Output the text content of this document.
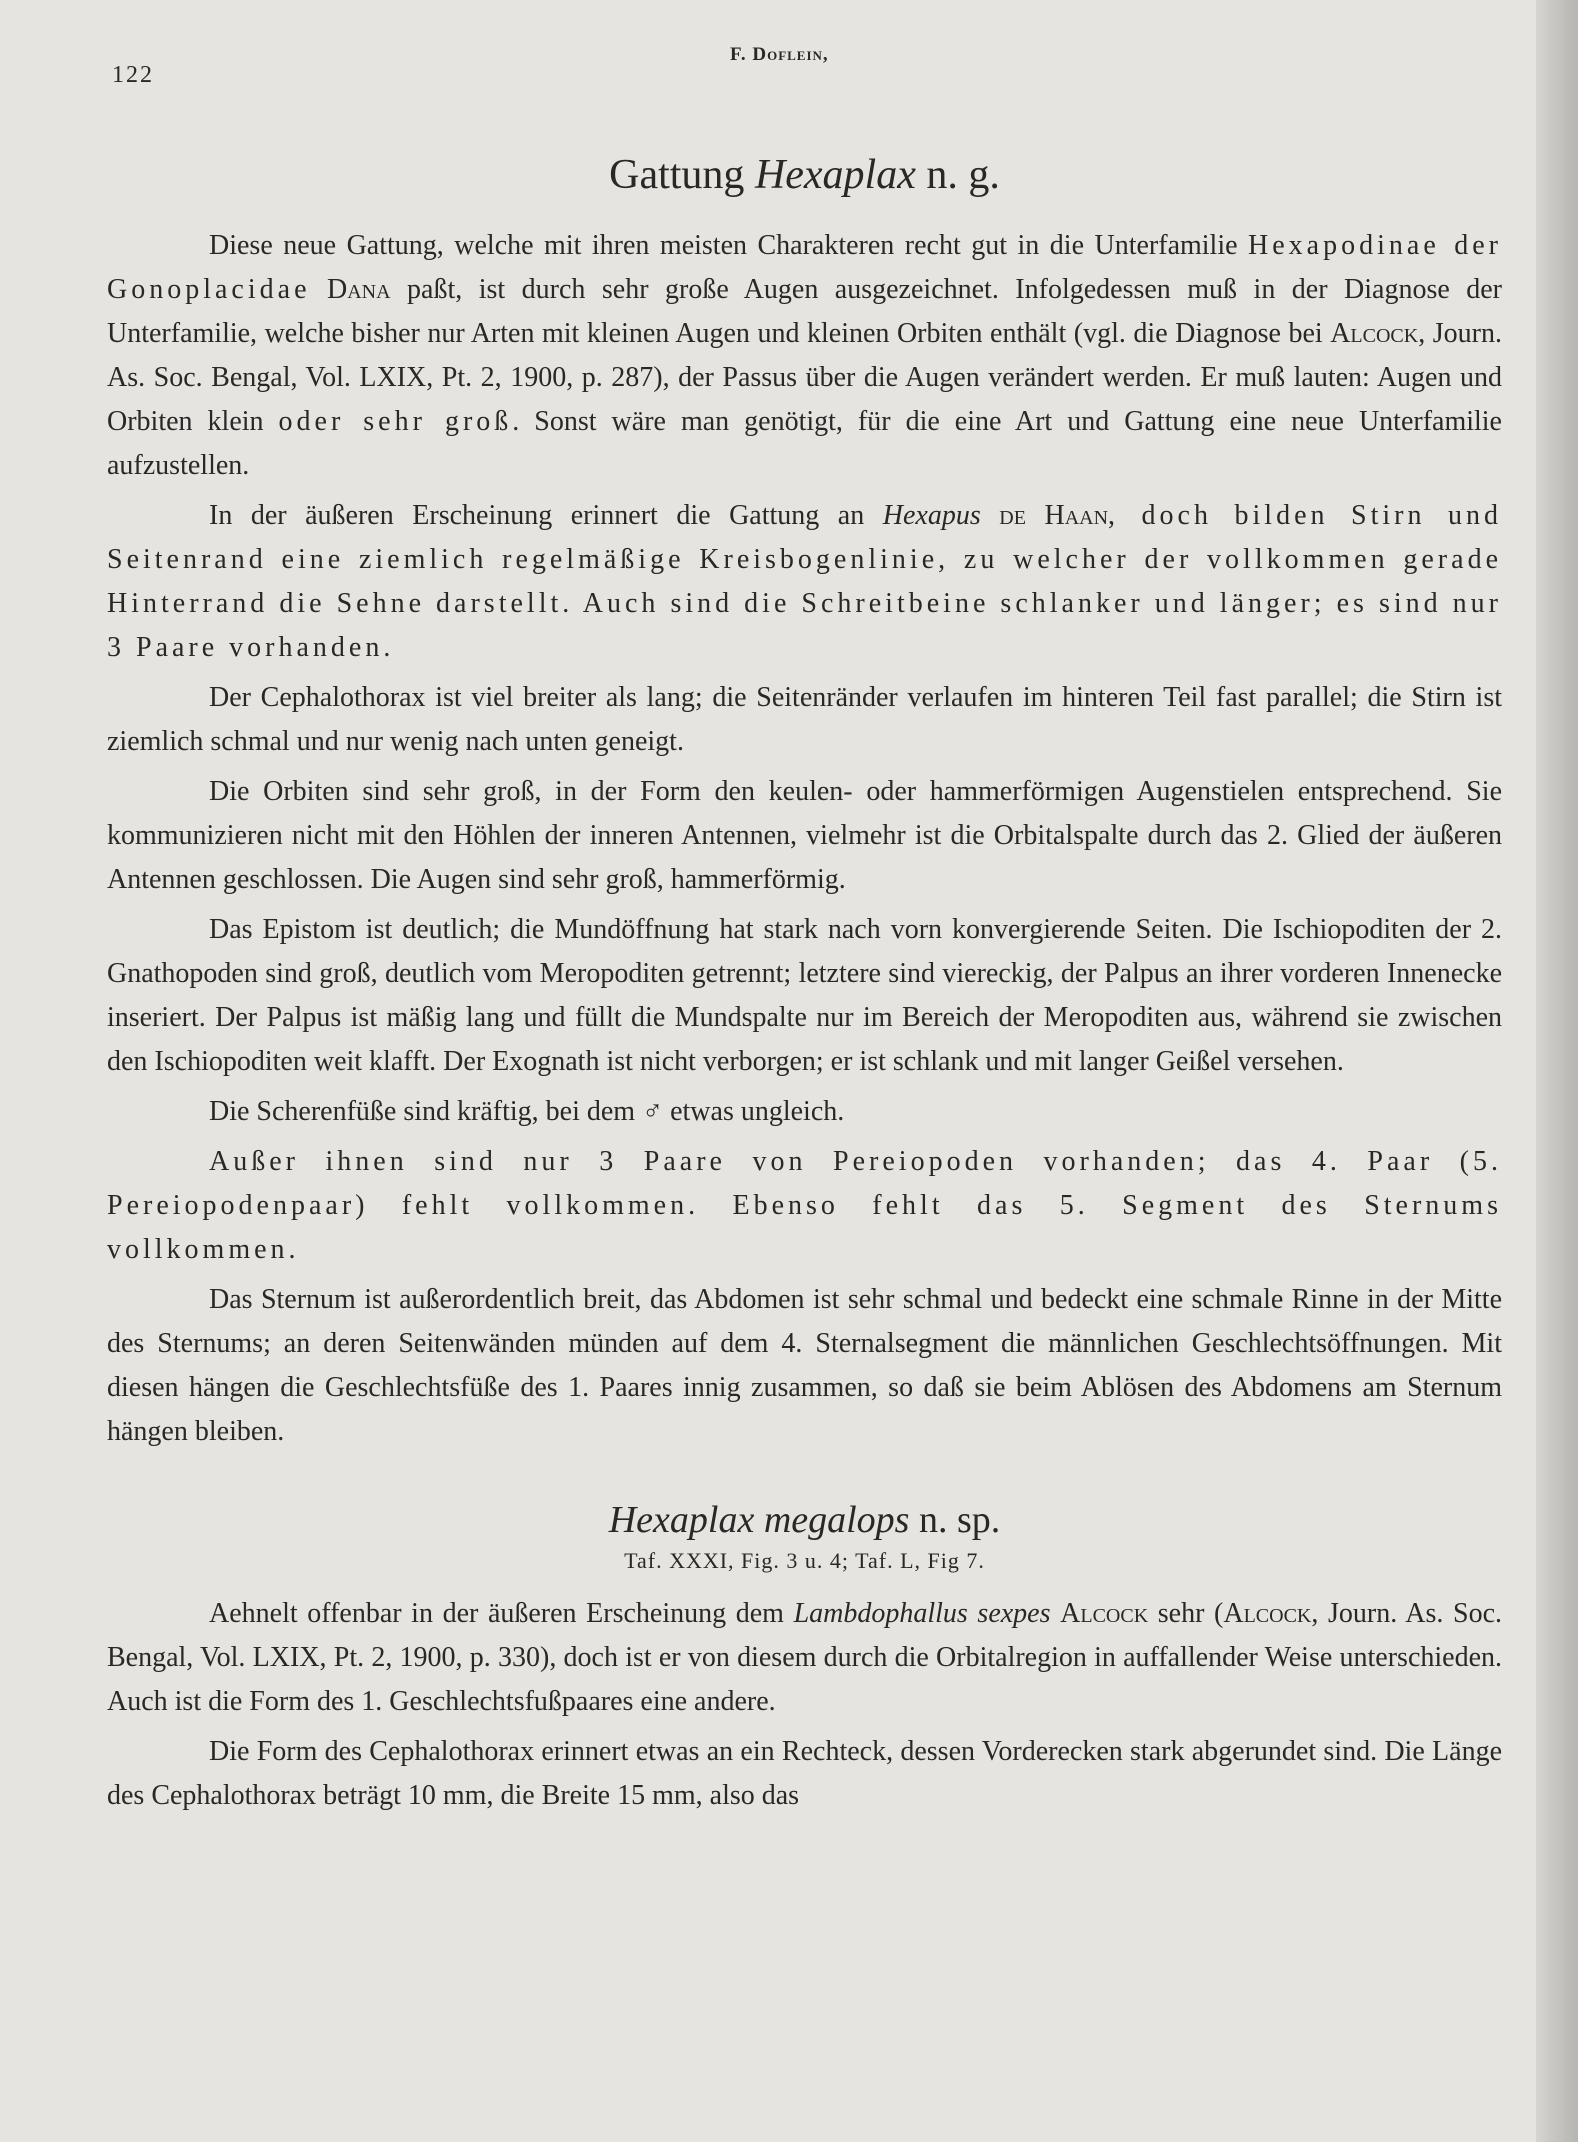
122
F. Doflein,
Gattung Hexaplax n. g.

Diese neue Gattung, welche mit ihren meisten Charakteren recht gut in die Unterfamilie Hexapodinae der Gonoplacidae Dana paßt, ist durch sehr große Augen ausgezeichnet. Infolgedessen muß in der Diagnose der Unterfamilie, welche bisher nur Arten mit kleinen Augen und kleinen Orbiten enthält (vgl. die Diagnose bei Alcock, Journ. As. Soc. Bengal, Vol. LXIX, Pt. 2, 1900, p. 287), der Passus über die Augen verändert werden. Er muß lauten: Augen und Orbiten klein oder sehr groß. Sonst wäre man genötigt, für die eine Art und Gattung eine neue Unterfamilie aufzustellen.

In der äußeren Erscheinung erinnert die Gattung an Hexapus de Haan, doch bilden Stirn und Seitenrand eine ziemlich regelmäßige Kreisbogenlinie, zu welcher der vollkommen gerade Hinterrand die Sehne darstellt. Auch sind die Schreitbeine schlanker und länger; es sind nur 3 Paare vorhanden.

Der Cephalothorax ist viel breiter als lang; die Seitenränder verlaufen im hinteren Teil fast parallel; die Stirn ist ziemlich schmal und nur wenig nach unten geneigt.

Die Orbiten sind sehr groß, in der Form den keulen- oder hammerförmigen Augenstielen entsprechend. Sie kommunizieren nicht mit den Höhlen der inneren Antennen, vielmehr ist die Orbitalspalte durch das 2. Glied der äußeren Antennen geschlossen. Die Augen sind sehr groß, hammerförmig.

Das Epistom ist deutlich; die Mundöffnung hat stark nach vorn konvergierende Seiten. Die Ischiopoditen der 2. Gnathopoden sind groß, deutlich vom Meropoditen getrennt; letztere sind viereckig, der Palpus an ihrer vorderen Innenecke inseriert. Der Palpus ist mäßig lang und füllt die Mundspalte nur im Bereich der Meropoditen aus, während sie zwischen den Ischiopoditen weit klafft. Der Exognath ist nicht verborgen; er ist schlank und mit langer Geißel versehen.

Die Scherenfüße sind kräftig, bei dem ♂ etwas ungleich.

Außer ihnen sind nur 3 Paare von Pereiopoden vorhanden; das 4. Paar (5. Pereiopodenpaar) fehlt vollkommen. Ebenso fehlt das 5. Segment des Sternums vollkommen.

Das Sternum ist außerordentlich breit, das Abdomen ist sehr schmal und bedeckt eine schmale Rinne in der Mitte des Sternums; an deren Seitenwänden münden auf dem 4. Sternalsegment die männlichen Geschlechtsöffnungen. Mit diesen hängen die Geschlechtsfüße des 1. Paares innig zusammen, so daß sie beim Ablösen des Abdomens am Sternum hängen bleiben.

Hexaplax megalops n. sp.
Taf. XXXI, Fig. 3 u. 4; Taf. L, Fig 7.

Aehnelt offenbar in der äußeren Erscheinung dem Lambdophallus sexpes Alcock sehr (Alcock, Journ. As. Soc. Bengal, Vol. LXIX, Pt. 2, 1900, p. 330), doch ist er von diesem durch die Orbitalregion in auffallender Weise unterschieden. Auch ist die Form des 1. Geschlechtsfußpaares eine andere.

Die Form des Cephalothorax erinnert etwas an ein Rechteck, dessen Vorderecken stark abgerundet sind. Die Länge des Cephalothorax beträgt 10 mm, die Breite 15 mm, also das
